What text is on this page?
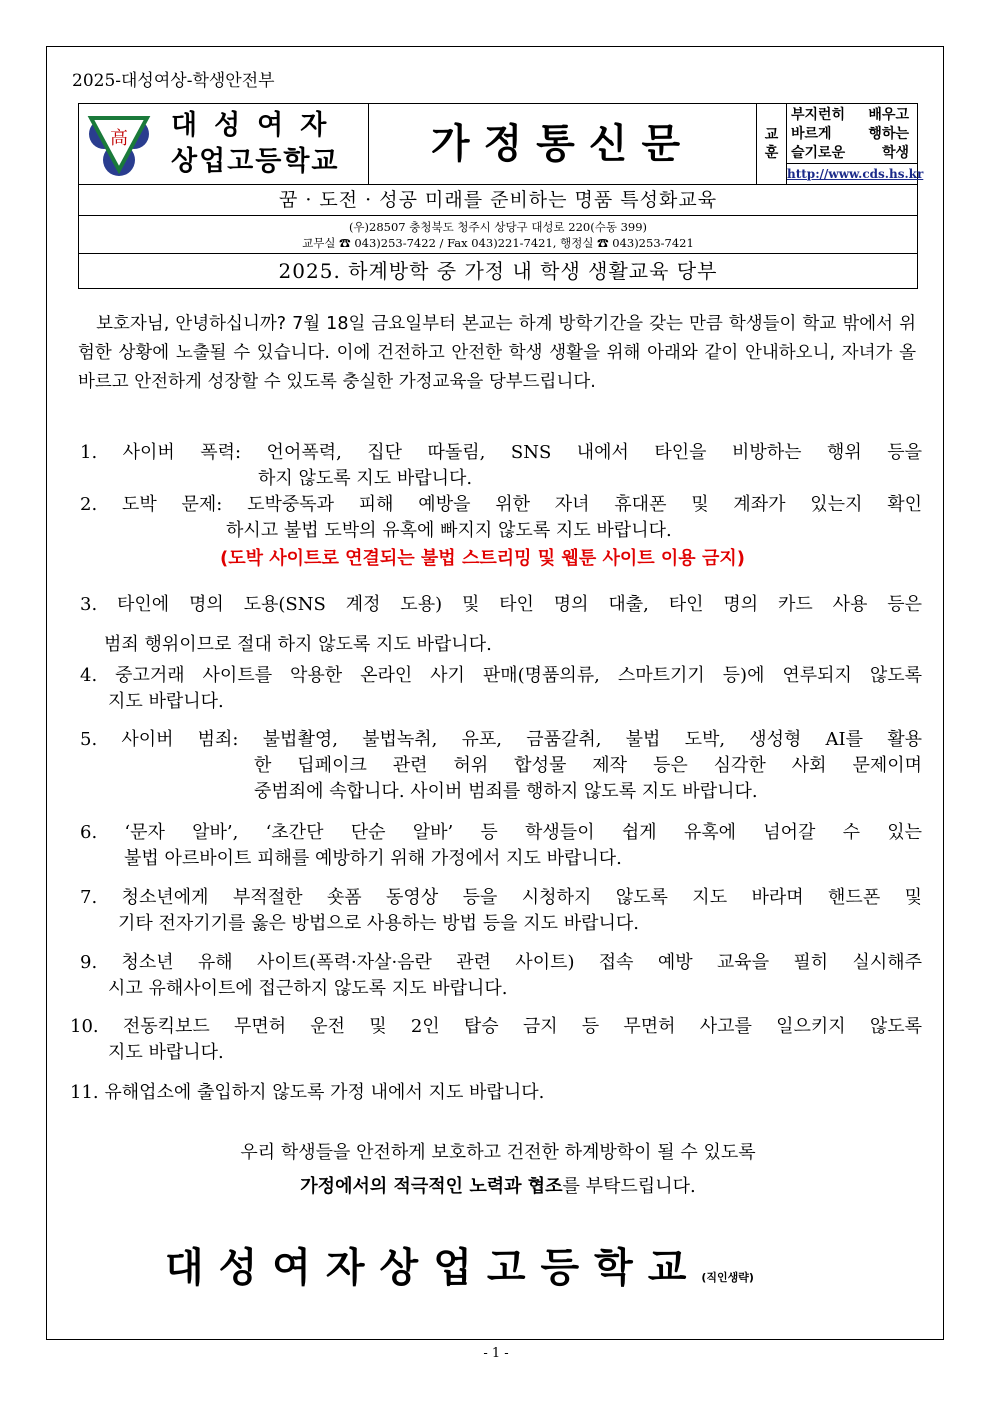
2025-대성여상-학생안전부
高 대성여자
상업고등학교	가정통신문	교
훈
부지런히 배우고
바르게 행하는
슬기로운 학생
http://www.cds.hs.kr
꿈 · 도전 · 성공 미래를 준비하는 명품 특성화교육
(우)28507 충청북도 청주시 상당구 대성로 220(수동 399)
교무실 ☎ 043)253-7422 / Fax 043)221-7421, 행정실 ☎ 043)253-7421
2025. 하계방학 중 가정 내 학생 생활교육 당부
보호자님, 안녕하십니까? 7월 18일 금요일부터 본교는 하계 방학기간을 갖는 만큼 학생들이 학교 밖에서 위험한 상황에 노출될 수 있습니다. 이에 건전하고 안전한 학생 생활을 위해 아래와 같이 안내하오니, 자녀가 올바르고 안전하게 성장할 수 있도록 충실한 가정교육을 당부드립니다.
1. 사이버 폭력: 언어폭력, 집단 따돌림, SNS 내에서 타인을 비방하는 행위 등을
하지 않도록 지도 바랍니다.
2. 도박 문제: 도박중독과 피해 예방을 위한 자녀 휴대폰 및 계좌가 있는지 확인
하시고 불법 도박의 유혹에 빠지지 않도록 지도 바랍니다.
(도박 사이트로 연결되는 불법 스트리밍 및 웹툰 사이트 이용 금지)
3. 타인에 명의 도용(SNS 계정 도용) 및 타인 명의 대출, 타인 명의 카드 사용 등은
범죄 행위이므로 절대 하지 않도록 지도 바랍니다.
4. 중고거래 사이트를 악용한 온라인 사기 판매(명품의류, 스마트기기 등)에 연루되지 않도록
지도 바랍니다.
5. 사이버 범죄: 불법촬영, 불법녹취, 유포, 금품갈취, 불법 도박, 생성형 AI를 활용
한 딥페이크 관련 허위 합성물 제작 등은 심각한 사회 문제이며
중범죄에 속합니다. 사이버 범죄를 행하지 않도록 지도 바랍니다.
6. ‘문자 알바’, ‘초간단 단순 알바’ 등 학생들이 쉽게 유혹에 넘어갈 수 있는
불법 아르바이트 피해를 예방하기 위해 가정에서 지도 바랍니다.
7. 청소년에게 부적절한 숏폼 동영상 등을 시청하지 않도록 지도 바라며 핸드폰 및
기타 전자기기를 옳은 방법으로 사용하는 방법 등을 지도 바랍니다.
9. 청소년 유해 사이트(폭력·자살·음란 관련 사이트) 접속 예방 교육을 필히 실시해주
시고 유해사이트에 접근하지 않도록 지도 바랍니다.
10. 전동킥보드 무면허 운전 및 2인 탑승 금지 등 무면허 사고를 일으키지 않도록
지도 바랍니다.
11. 유해업소에 출입하지 않도록 가정 내에서 지도 바랍니다.
우리 학생들을 안전하게 보호하고 건전한 하계방학이 될 수 있도록
가정에서의 적극적인 노력과 협조를 부탁드립니다.
대성여자상업고등학교(직인생략)
- 1 -
